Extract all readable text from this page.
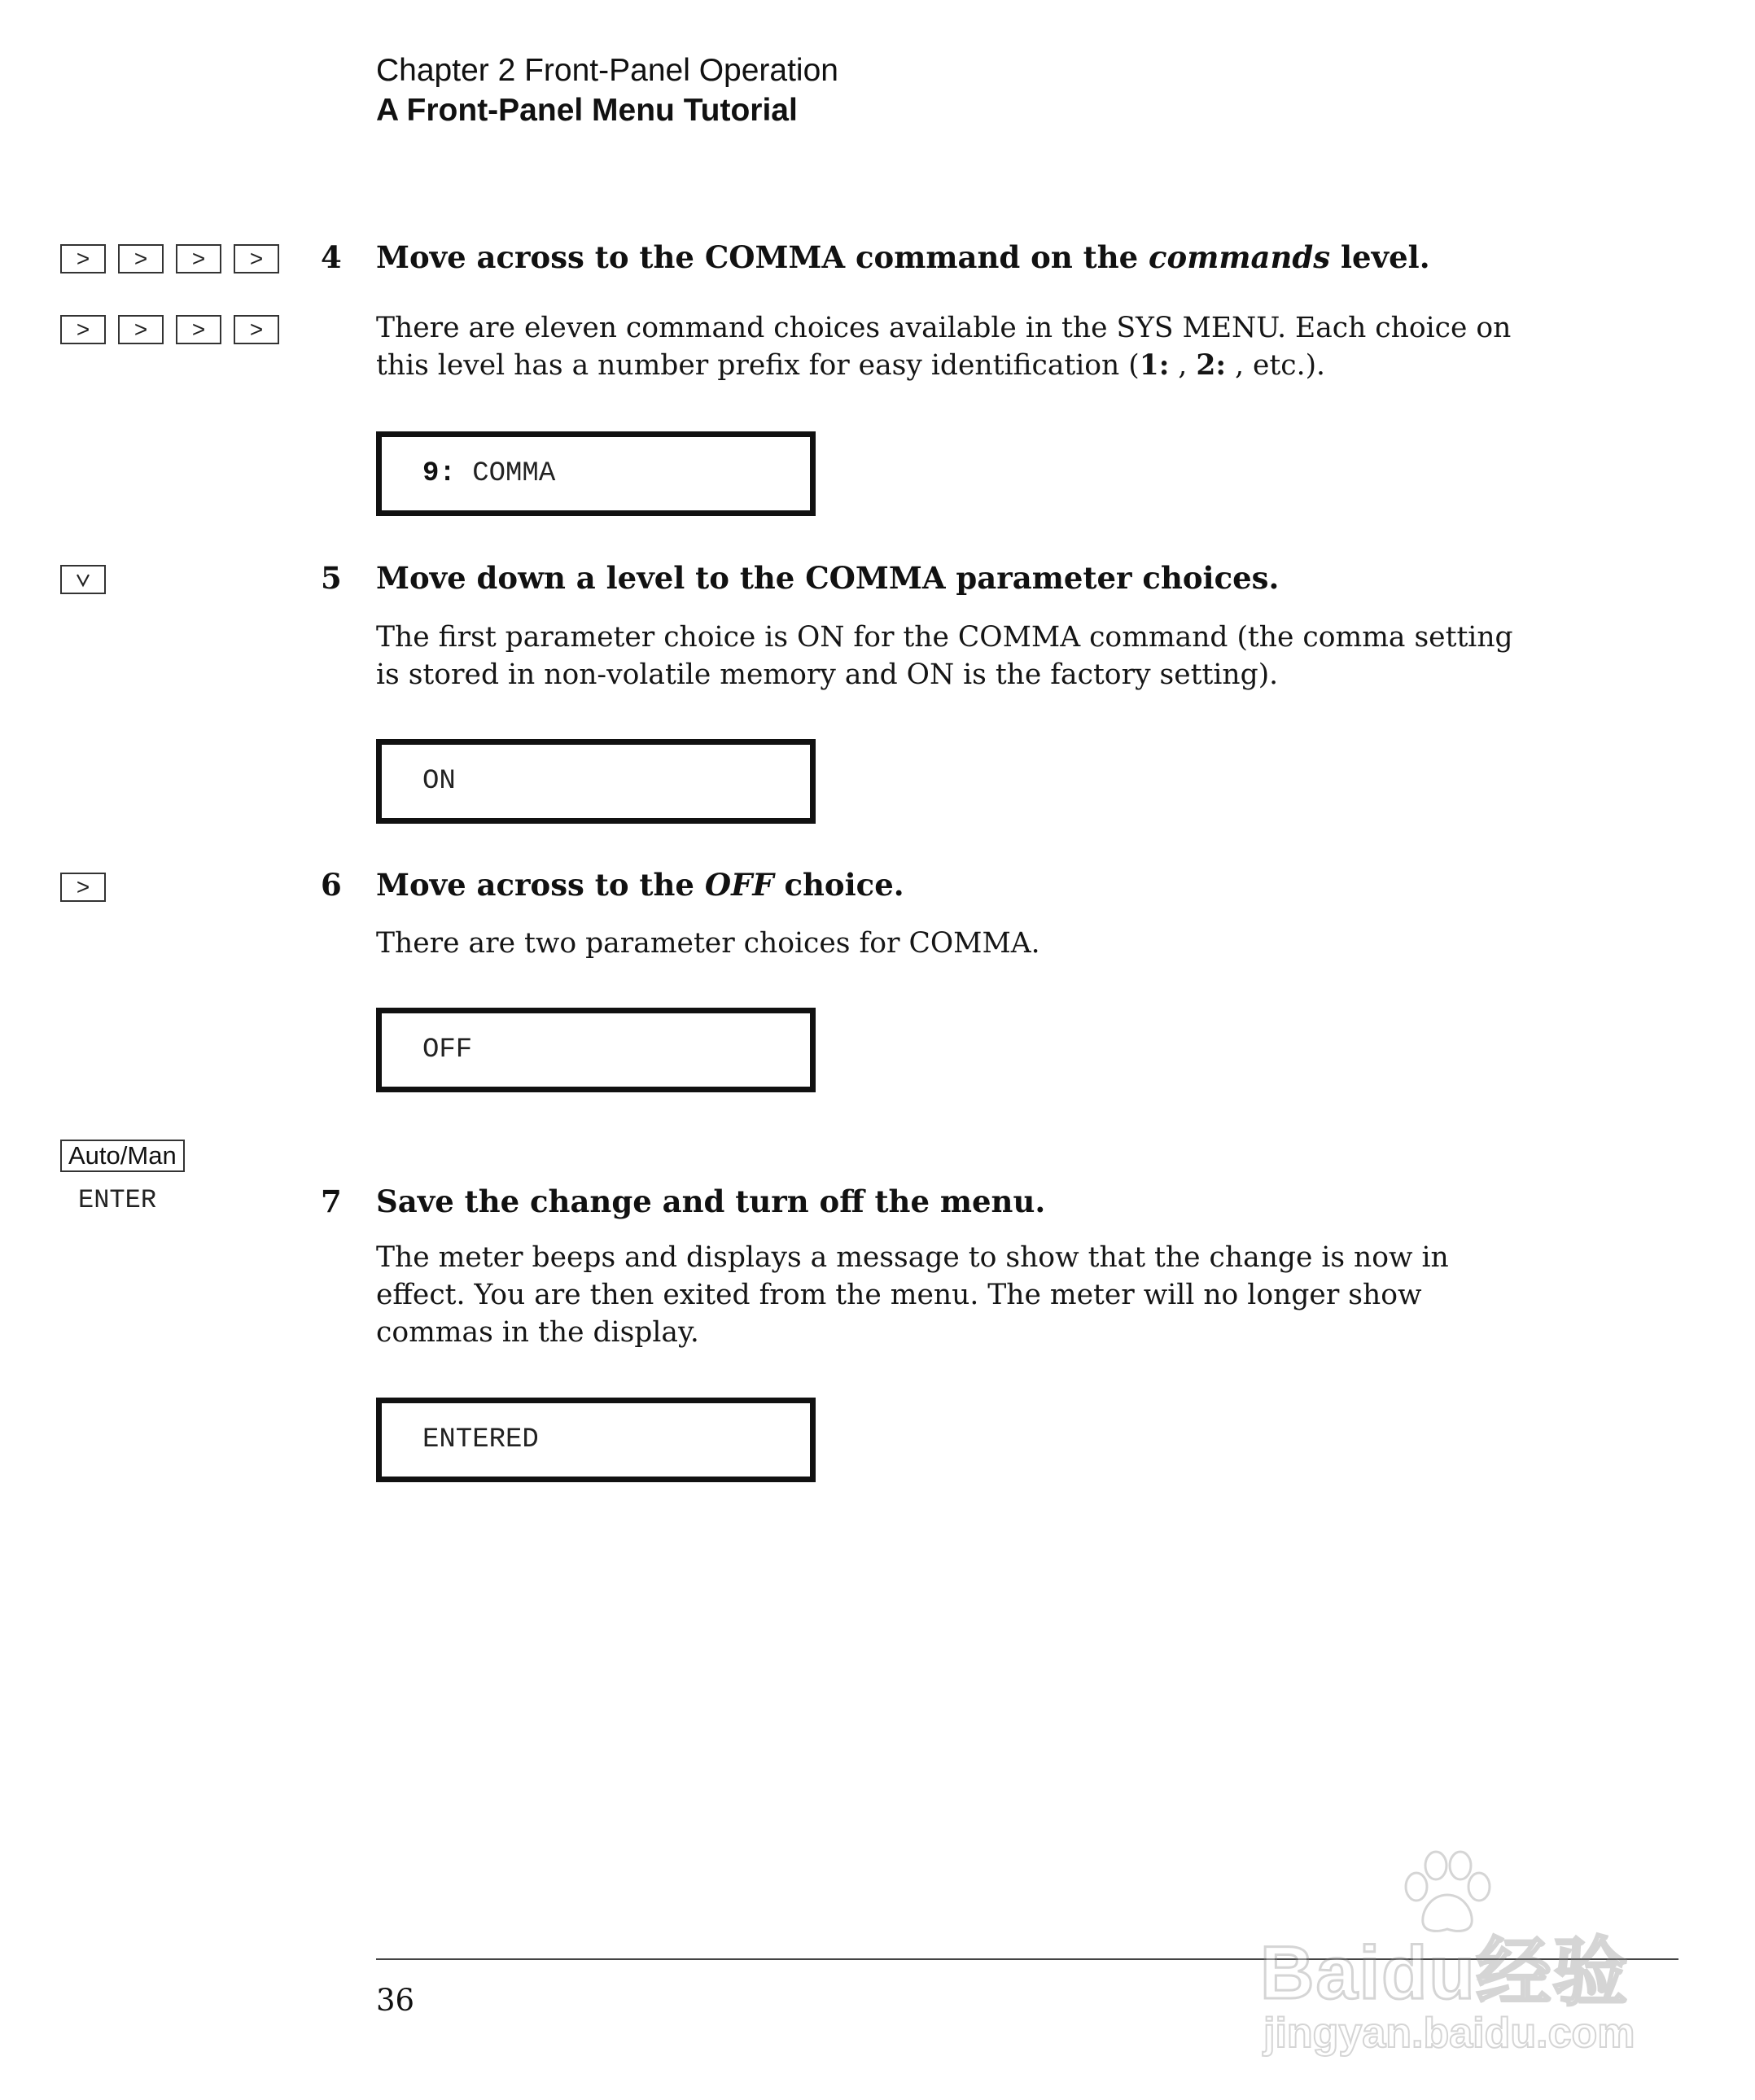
Chapter 2 Front-Panel Operation
A Front-Panel Menu Tutorial
>	>	>	>
>	>	>	>
4 Move across to the COMMA command on the commands level.
There are eleven command choices available in the SYS MENU. Each choice on this level has a number prefix for easy identification (1: , 2: , etc.).
9: COMMA
5 Move down a level to the COMMA parameter choices.
The first parameter choice is ON for the COMMA command (the comma setting is stored in non-volatile memory and ON is the factory setting).
ON
>	6 Move across to the OFF choice.
There are two parameter choices for COMMA.
OFF
Auto/Man
ENTER	7 Save the change and turn off the menu.
The meter beeps and displays a message to show that the change is now in effect. You are then exited from the menu. The meter will no longer show commas in the display.
ENTERED
36	Baidu经验
jingyan.baidu.com
